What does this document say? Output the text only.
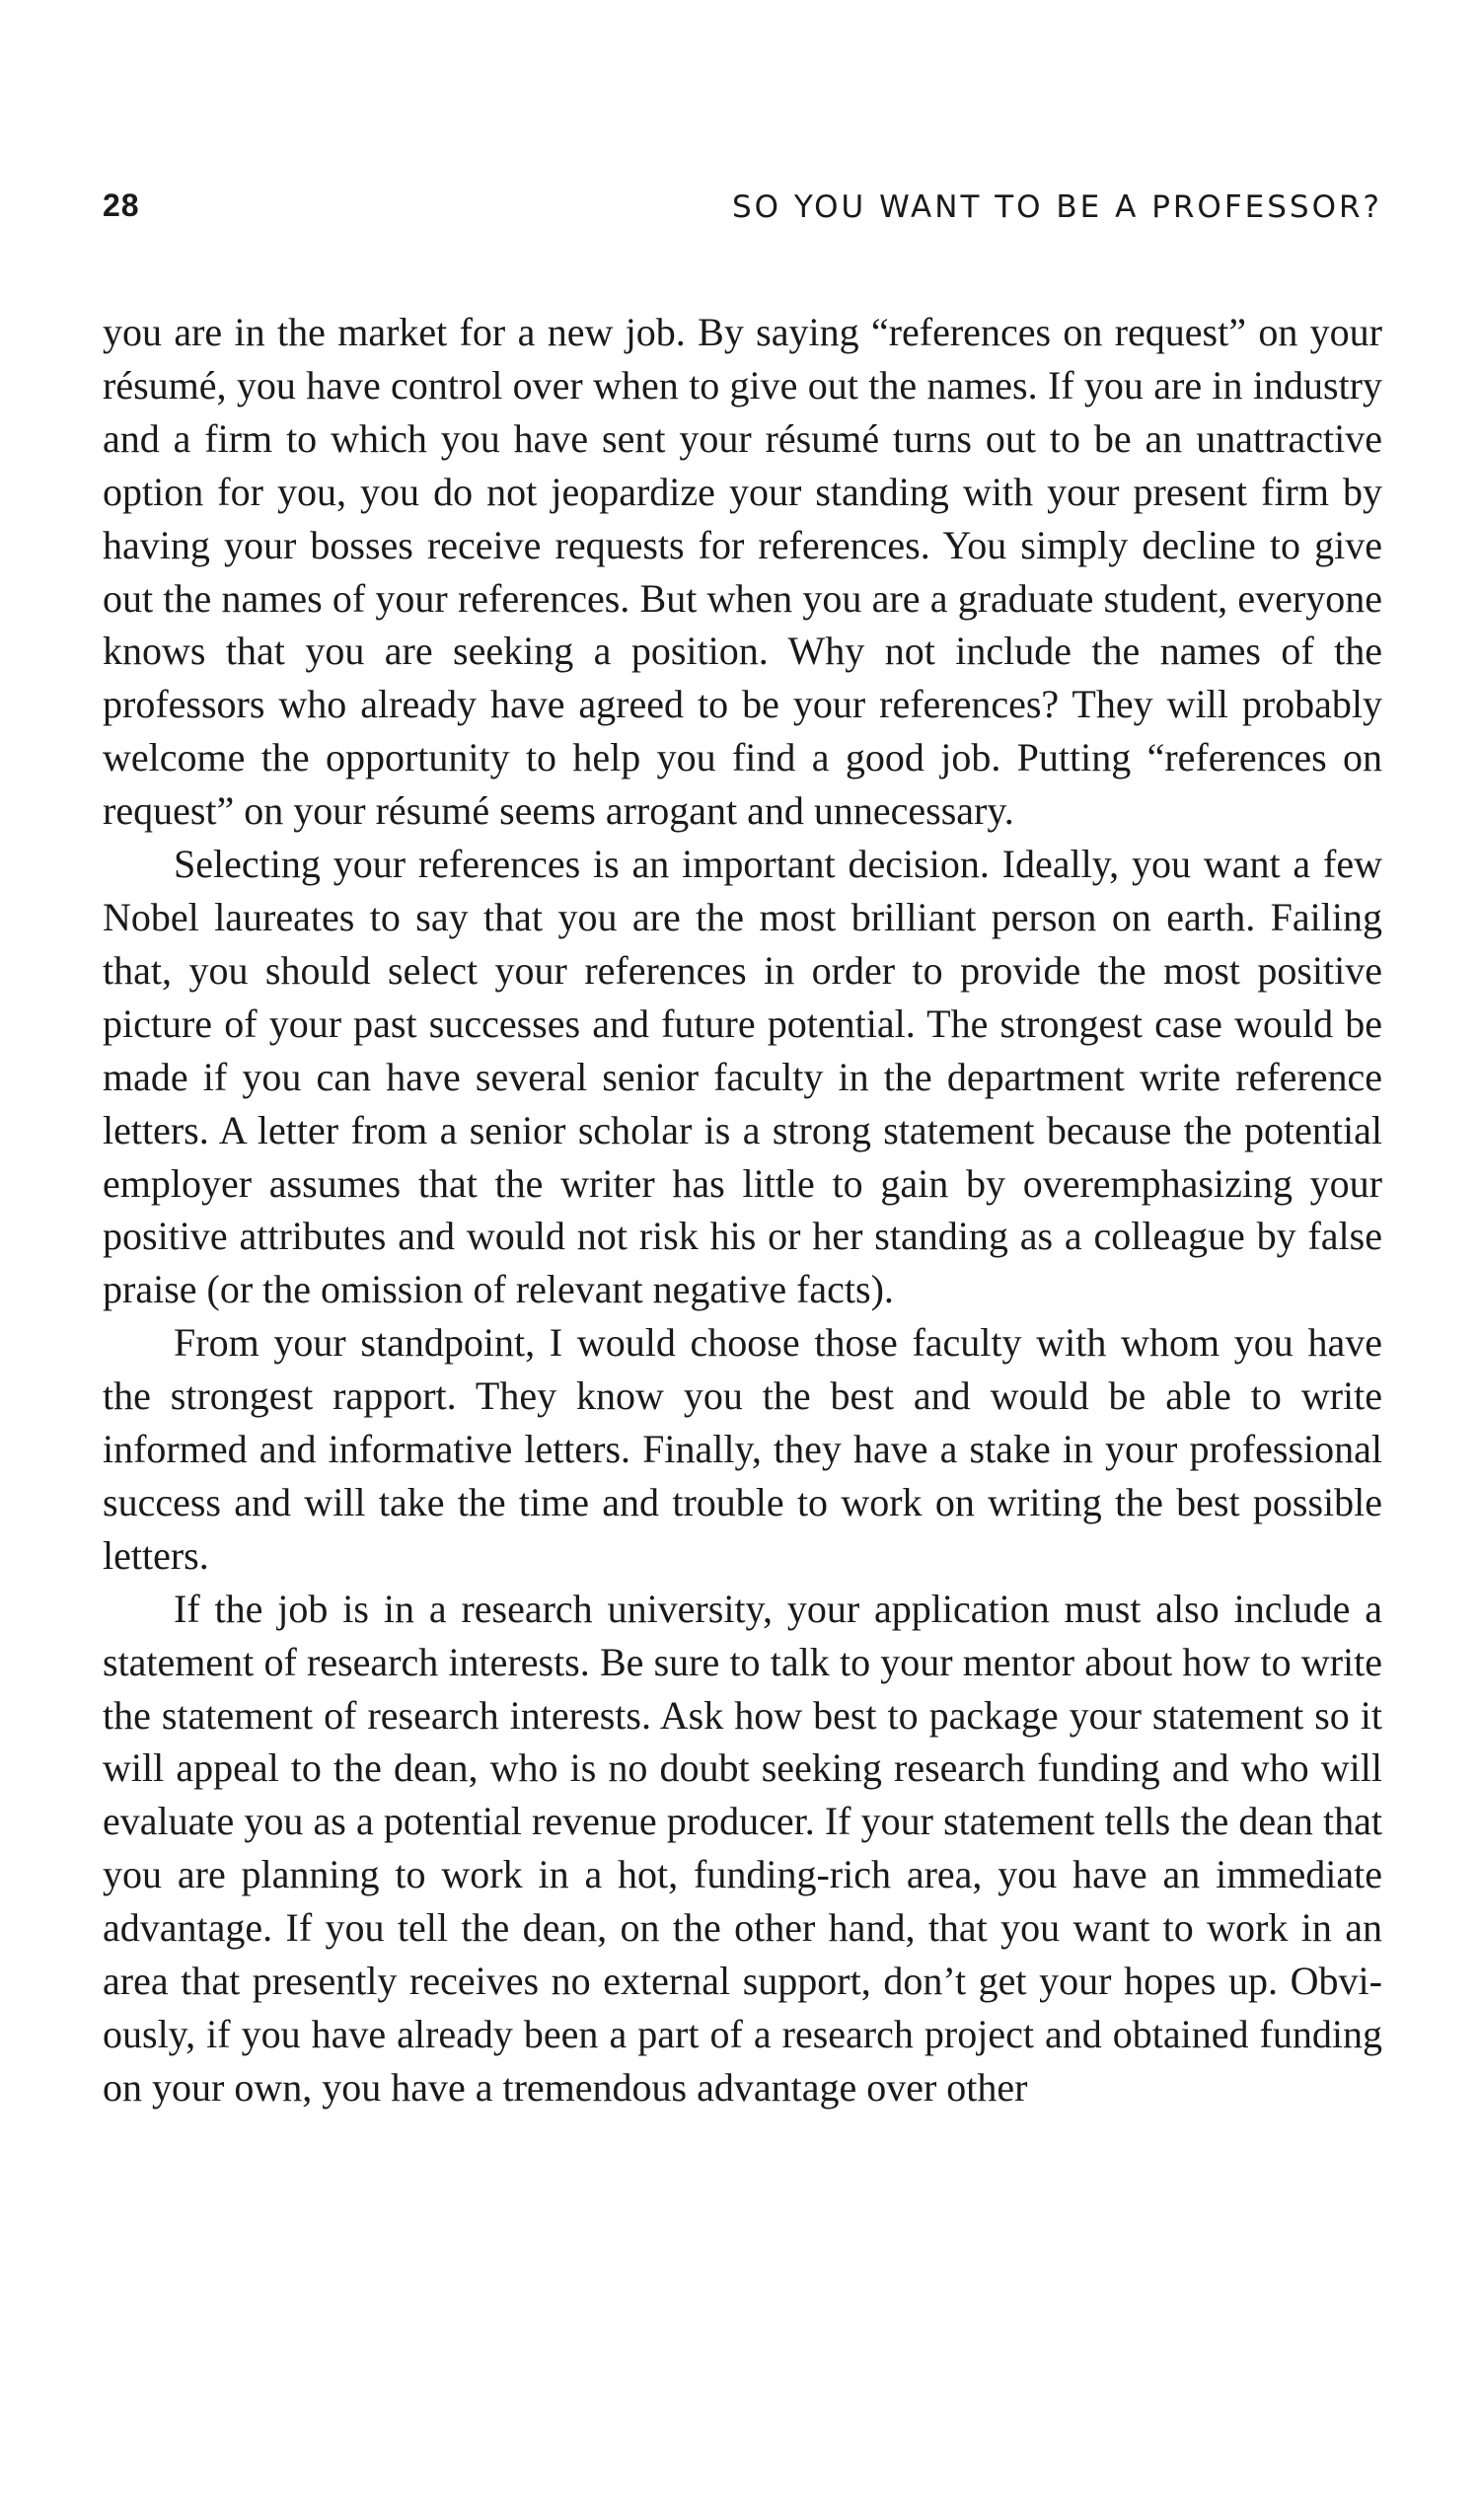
28	SO YOU WANT TO BE A PROFESSOR?

you are in the market for a new job. By saying “references on request” on your résumé, you have control over when to give out the names. If you are in industry and a firm to which you have sent your résumé turns out to be an unattractive option for you, you do not jeopardize your standing with your present firm by having your bosses receive requests for references. You simply decline to give out the names of your references. But when you are a graduate student, everyone knows that you are seeking a position. Why not include the names of the professors who already have agreed to be your references? They will probably welcome the opportunity to help you find a good job. Putting “references on request” on your résumé seems arrogant and unnecessary.

Selecting your references is an important decision. Ideally, you want a few Nobel laureates to say that you are the most brilliant person on earth. Failing that, you should select your references in order to provide the most positive picture of your past successes and future potential. The strongest case would be made if you can have several senior faculty in the department write reference letters. A letter from a senior scholar is a strong statement because the potential employer assumes that the writer has little to gain by overemphasizing your positive attributes and would not risk his or her standing as a colleague by false praise (or the omission of relevant negative facts).

From your standpoint, I would choose those faculty with whom you have the strongest rapport. They know you the best and would be able to write informed and informative letters. Finally, they have a stake in your professional success and will take the time and trouble to work on writing the best possible letters.

If the job is in a research university, your application must also include a statement of research interests. Be sure to talk to your mentor about how to write the statement of research interests. Ask how best to package your statement so it will appeal to the dean, who is no doubt seeking research funding and who will evaluate you as a potential revenue producer. If your statement tells the dean that you are planning to work in a hot, funding-rich area, you have an immediate advantage. If you tell the dean, on the other hand, that you want to work in an area that presently receives no external support, don’t get your hopes up. Obviously, if you have already been a part of a research project and obtained funding on your own, you have a tremendous advantage over other
